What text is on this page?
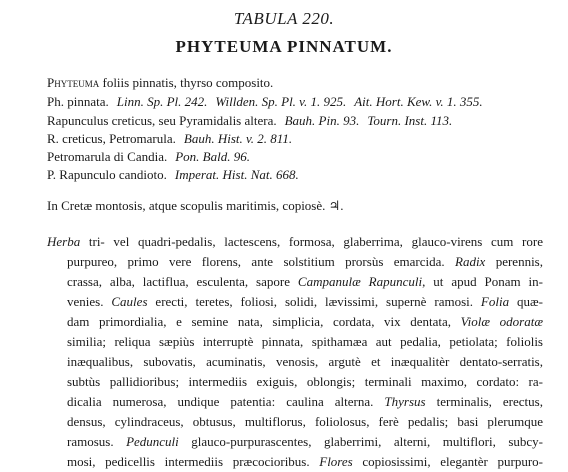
TABULA 220.
PHYTEUMA PINNATUM.
Phyteuma foliis pinnatis, thyrso composito.
Ph. pinnata. Linn. Sp. Pl. 242. Willden. Sp. Pl. v. 1. 925. Ait. Hort. Kew. v. 1. 355.
Rapunculus creticus, seu Pyramidalis altera. Bauh. Pin. 93. Tourn. Inst. 113.
R. creticus, Petromarula. Bauh. Hist. v. 2. 811.
Petromarula di Candia. Pon. Bald. 96.
P. Rapunculo candioto. Imperat. Hist. Nat. 668.
In Cretæ montosis, atque scopulis maritimis, copiosè. ♃.
Herba tri- vel quadri-pedalis, lactescens, formosa, glaberrima, glauco-virens cum rore
purpureo, primo vere florens, ante solstitium prorsùs emarcida. Radix perennis,
crassa, alba, lactiflua, esculenta, sapore Campanulæ Rapunculi, ut apud Ponam in-
venies. Caules erecti, teretes, foliosi, solidi, lævissimi, supernè ramosi. Folia quæ-
dam primordialia, e semine nata, simplicia, cordata, vix dentata, Violæ odoratæ
similia; reliqua sæpiùs interruptè pinnata, spithamæa aut pedalia, petiolata; foliolis
inæqualibus, subovatis, acuminatis, venosis, argutè et inæqualitèr dentato-serratis,
subtùs pallidioribus; intermediis exiguis, oblongis; terminali maximo, cordato: ra-
dicalia numerosa, undique patentia: caulina alterna. Thyrsus terminalis, erectus,
densus, cylindraceus, obtusus, multiflorus, foliolosus, ferè pedalis; basi plerumque
ramosus. Pedunculi glauco-purpurascentes, glaberrimi, alterni, multiflori, subcy-
mosi, pedicellis intermediis præcocioribus. Flores copiosissimi, elegantèr purpuro-
